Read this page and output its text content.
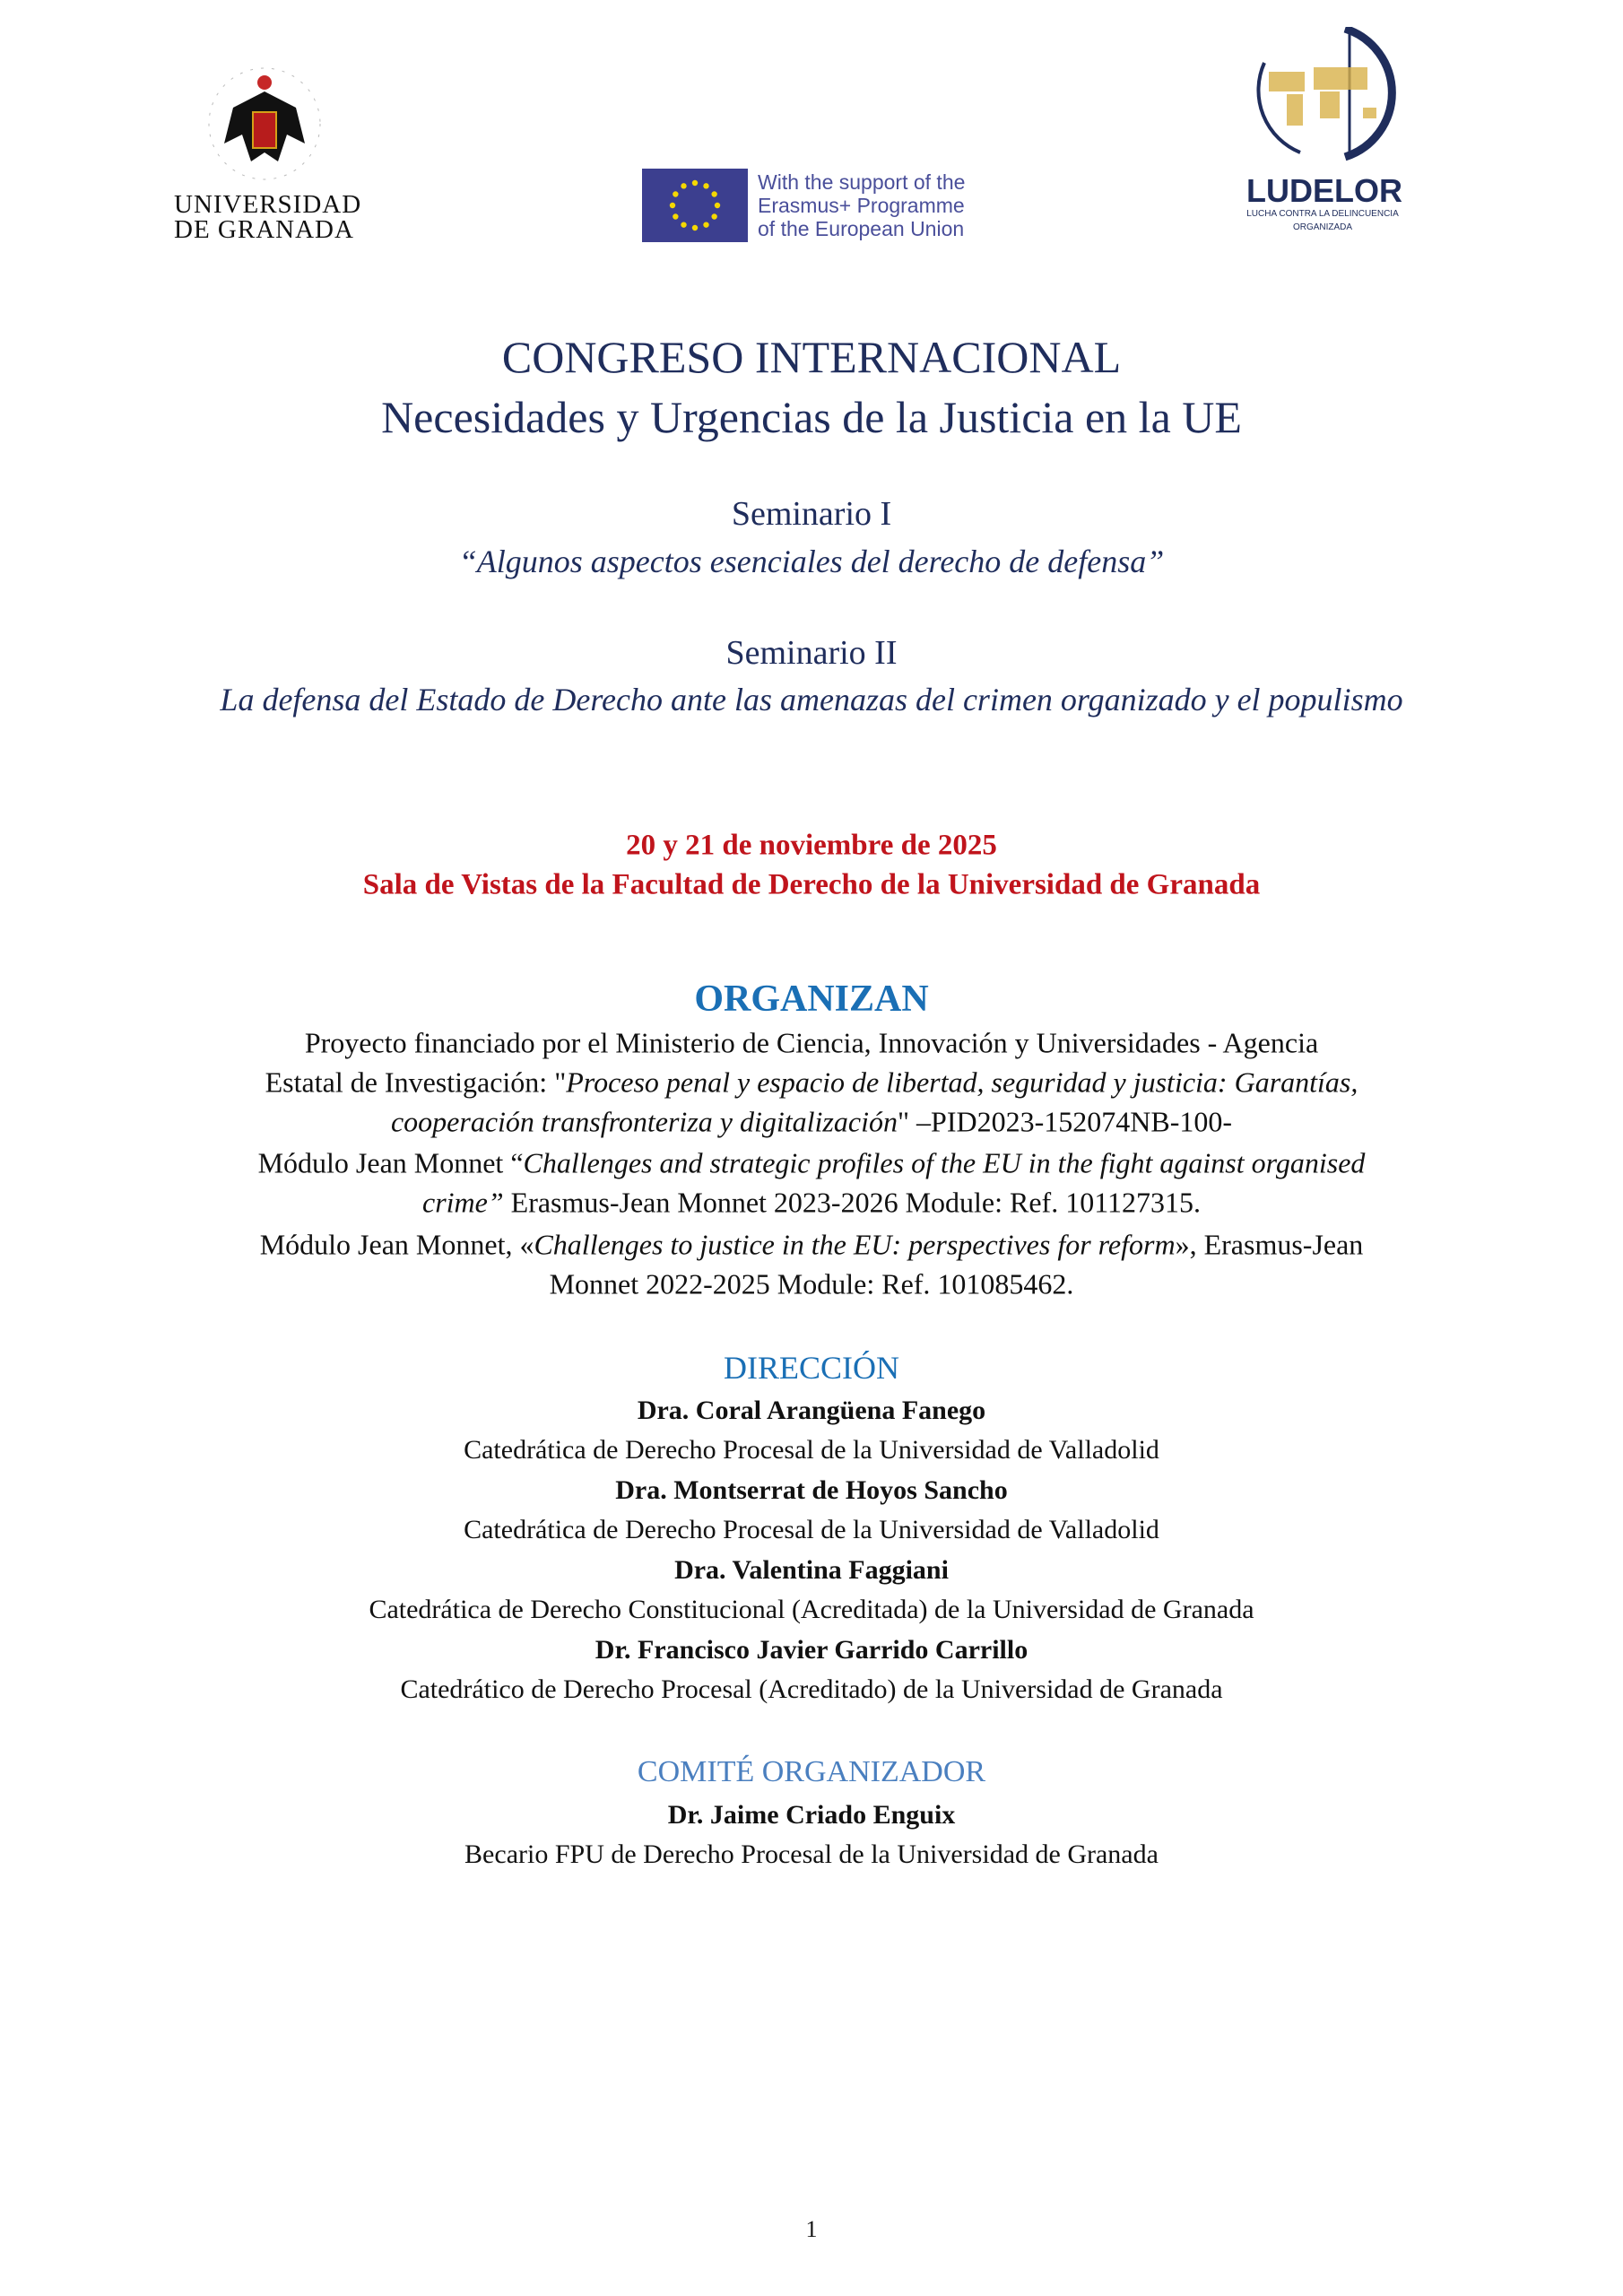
UNIVERSIDAD
DE GRANADA
With the support of the
Erasmus+ Programme
of the European Union
LUDELOR
LUCHA CONTRA LA DELINCUENCIA
ORGANIZADA
CONGRESO INTERNACIONAL
Necesidades y Urgencias de la Justicia en la UE
Seminario I
“Algunos aspectos esenciales del derecho de defensa”
Seminario II
La defensa del Estado de Derecho ante las amenazas del crimen organizado y el populismo
20 y 21 de noviembre de 2025
Sala de Vistas de la Facultad de Derecho de la Universidad de Granada
ORGANIZAN
Proyecto financiado por el Ministerio de Ciencia, Innovación y Universidades - Agencia
Estatal de Investigación: "Proceso penal y espacio de libertad, seguridad y justicia: Garantías,
cooperación transfronteriza y digitalización" –PID2023-152074NB-100-
Módulo Jean Monnet “Challenges and strategic profiles of the EU in the fight against organised
crime” Erasmus-Jean Monnet 2023-2026 Module: Ref. 101127315.
Módulo Jean Monnet, «Challenges to justice in the EU: perspectives for reform», Erasmus-Jean
Monnet 2022-2025 Module: Ref. 101085462.
DIRECCIÓN
Dra. Coral Arangüena Fanego
Catedrática de Derecho Procesal de la Universidad de Valladolid
Dra. Montserrat de Hoyos Sancho
Catedrática de Derecho Procesal de la Universidad de Valladolid
Dra. Valentina Faggiani
Catedrática de Derecho Constitucional (Acreditada) de la Universidad de Granada
Dr. Francisco Javier Garrido Carrillo
Catedrático de Derecho Procesal (Acreditado) de la Universidad de Granada
COMITÉ ORGANIZADOR
Dr. Jaime Criado Enguix
Becario FPU de Derecho Procesal de la Universidad de Granada
1
